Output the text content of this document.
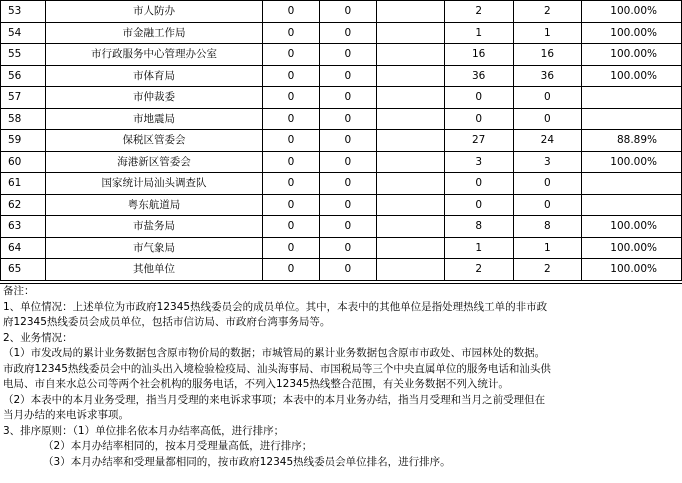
53	市人防办	0	0		2	2	100.00%
54	市金融工作局	0	0		1	1	100.00%
55	市行政服务中心管理办公室	0	0		16	16	100.00%
56	市体育局	0	0		36	36	100.00%
57	市仲裁委	0	0		0	0	
58	市地震局	0	0		0	0	
59	保税区管委会	0	0		27	24	88.89%
60	海港新区管委会	0	0		3	3	100.00%
61	国家统计局汕头调查队	0	0		0	0	
62	粤东航道局	0	0		0	0	
63	市盐务局	0	0		8	8	100.00%
64	市气象局	0	0		1	1	100.00%
65	其他单位	0	0		2	2	100.00%
备注：
1、单位情况：上述单位为市政府12345热线委员会的成员单位。其中，本表中的其他单位是指处理热线工单的非市政
府12345热线委员会成员单位，包括市信访局、市政府台湾事务局等。
2、业务情况：
（1）市发改局的累计业务数据包含原市物价局的数据；市城管局的累计业务数据包含原市市政处、市园林处的数据。
市政府12345热线委员会中的汕头出入境检验检疫局、汕头海事局、市国税局等三个中央直属单位的服务电话和汕头供
电局、市自来水总公司等两个社会机构的服务电话，不列入12345热线整合范围，有关业务数据不列入统计。
（2）本表中的本月业务受理，指当月受理的来电诉求事项；本表中的本月业务办结，指当月受理和当月之前受理但在
当月办结的来电诉求事项。
3、排序原则：（1）单位排名依本月办结率高低，进行排序；
（2）本月办结率相同的，按本月受理量高低，进行排序；
（3）本月办结率和受理量都相同的，按市政府12345热线委员会单位排名，进行排序。
